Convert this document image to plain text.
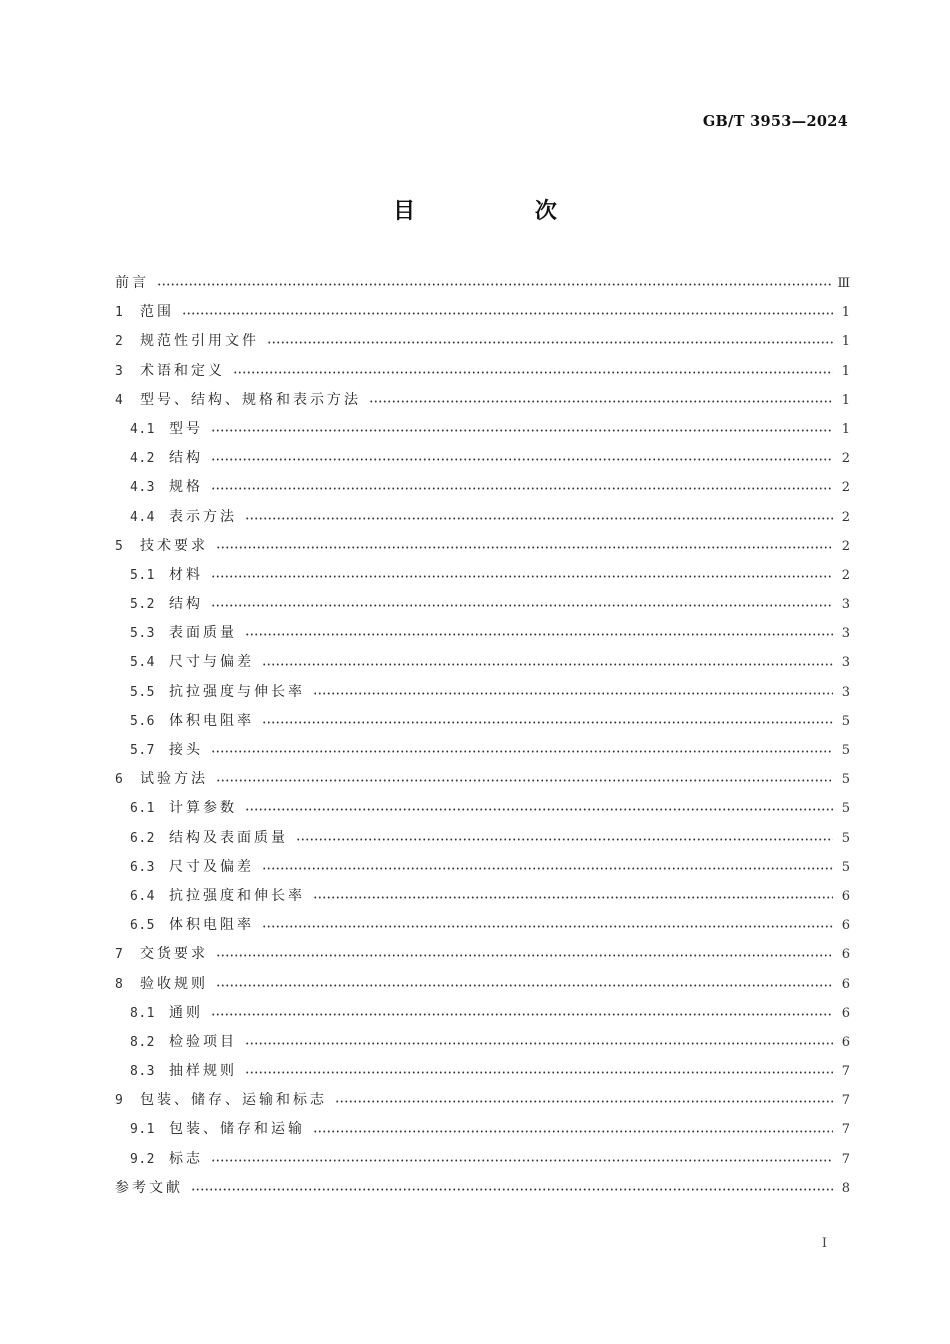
GB/T 3953—2024
目 次
前言	Ⅲ
1	范围	1
2	规范性引用文件	1
3	术语和定义	1
4	型号、结构、规格和表示方法	1
4.1	型号	1
4.2	结构	2
4.3	规格	2
4.4	表示方法	2
5	技术要求	2
5.1	材料	2
5.2	结构	3
5.3	表面质量	3
5.4	尺寸与偏差	3
5.5	抗拉强度与伸长率	3
5.6	体积电阻率	5
5.7	接头	5
6	试验方法	5
6.1	计算参数	5
6.2	结构及表面质量	5
6.3	尺寸及偏差	5
6.4	抗拉强度和伸长率	6
6.5	体积电阻率	6
7	交货要求	6
8	验收规则	6
8.1	通则	6
8.2	检验项目	6
8.3	抽样规则	7
9	包装、储存、运输和标志	7
9.1	包装、储存和运输	7
9.2	标志	7
参考文献	8
Ⅰ
